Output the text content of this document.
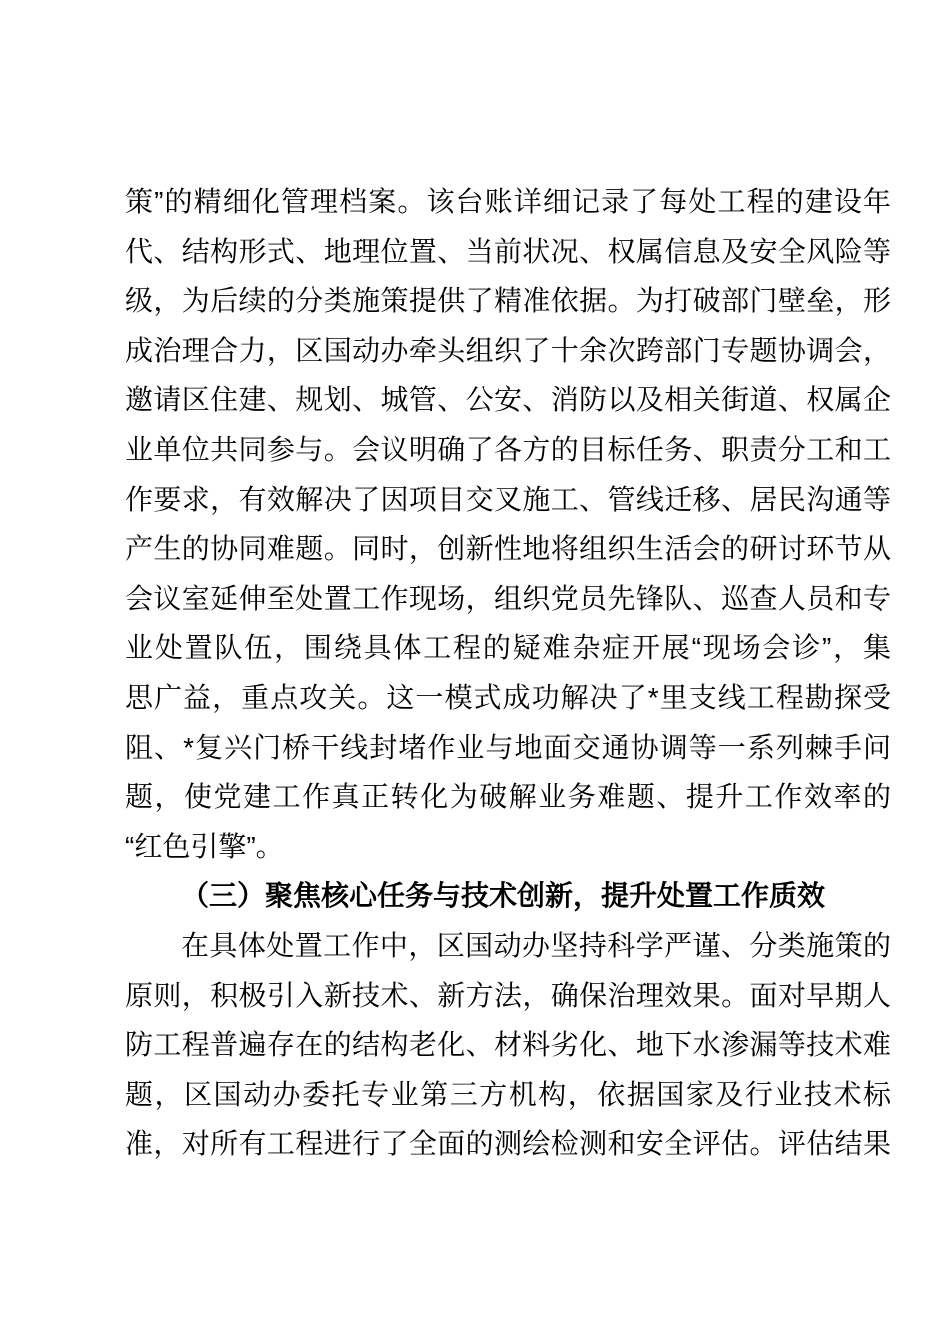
策”的精细化管理档案。该台账详细记录了每处工程的建设年
代、结构形式、地理位置、当前状况、权属信息及安全风险等
级，为后续的分类施策提供了精准依据。为打破部门壁垒，形
成治理合力，区国动办牵头组织了十余次跨部门专题协调会，
邀请区住建、规划、城管、公安、消防以及相关街道、权属企
业单位共同参与。会议明确了各方的目标任务、职责分工和工
作要求，有效解决了因项目交叉施工、管线迁移、居民沟通等
产生的协同难题。同时，创新性地将组织生活会的研讨环节从
会议室延伸至处置工作现场，组织党员先锋队、巡查人员和专
业处置队伍，围绕具体工程的疑难杂症开展“现场会诊”，集
思广益，重点攻关。这一模式成功解决了*里支线工程勘探受
阻、*复兴门桥干线封堵作业与地面交通协调等一系列棘手问
题，使党建工作真正转化为破解业务难题、提升工作效率的
“红色引擎”。
（三）聚焦核心任务与技术创新，提升处置工作质效
在具体处置工作中，区国动办坚持科学严谨、分类施策的
原则，积极引入新技术、新方法，确保治理效果。面对早期人
防工程普遍存在的结构老化、材料劣化、地下水渗漏等技术难
题，区国动办委托专业第三方机构，依据国家及行业技术标
准，对所有工程进行了全面的测绘检测和安全评估。评估结果
